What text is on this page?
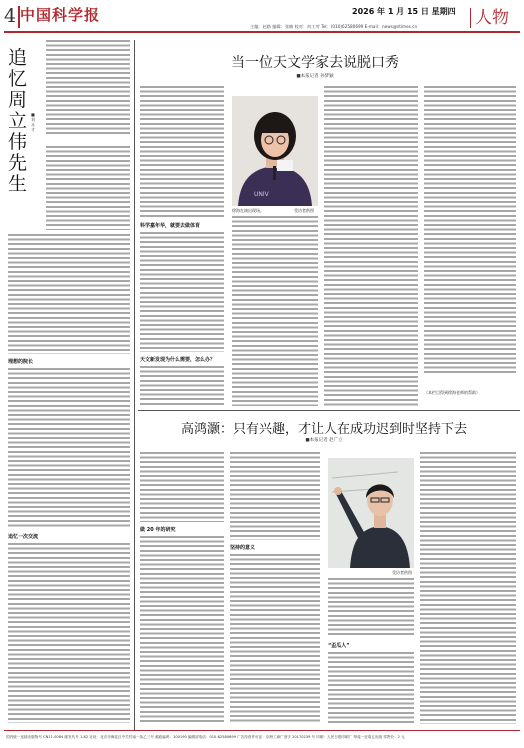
4 中国科学报	2026 年 1 月 15 日 星期四
主编：赵路 编辑：张楠 校对：何工劳 Tel：(010)62580699 E-mail：news@stimes.cn	人物
追忆周立伟先生
■刘永才
理想的院长
追忆一次交流
当一位天文学家去说脱口秀
■本报记者 孙梦颖
科学嘉年华，就要去做体育
天文新发现为什么需要，怎么办？
UNIV
徐海在演出现场。	受访者供图
（本栏目得到徐海老师的帮助）
高鸿灏：只有兴趣，才让人在成功迟到时坚持下去
■本报记者 赵广立
做 20 年的研究
坚持的意义
受访者供图
“歪瓜人”
国内统一连续出版物号 CN11-0084 邮发代号 1-82 社址：北京市海淀区中关村南一条乙三号 邮政编码：100190 编辑部电话：010-62580699 广告经营许可证：京海工商广登字 20170239 号 印刷：人民日报印刷厂 每周一至周五出版 零售价：2 元
